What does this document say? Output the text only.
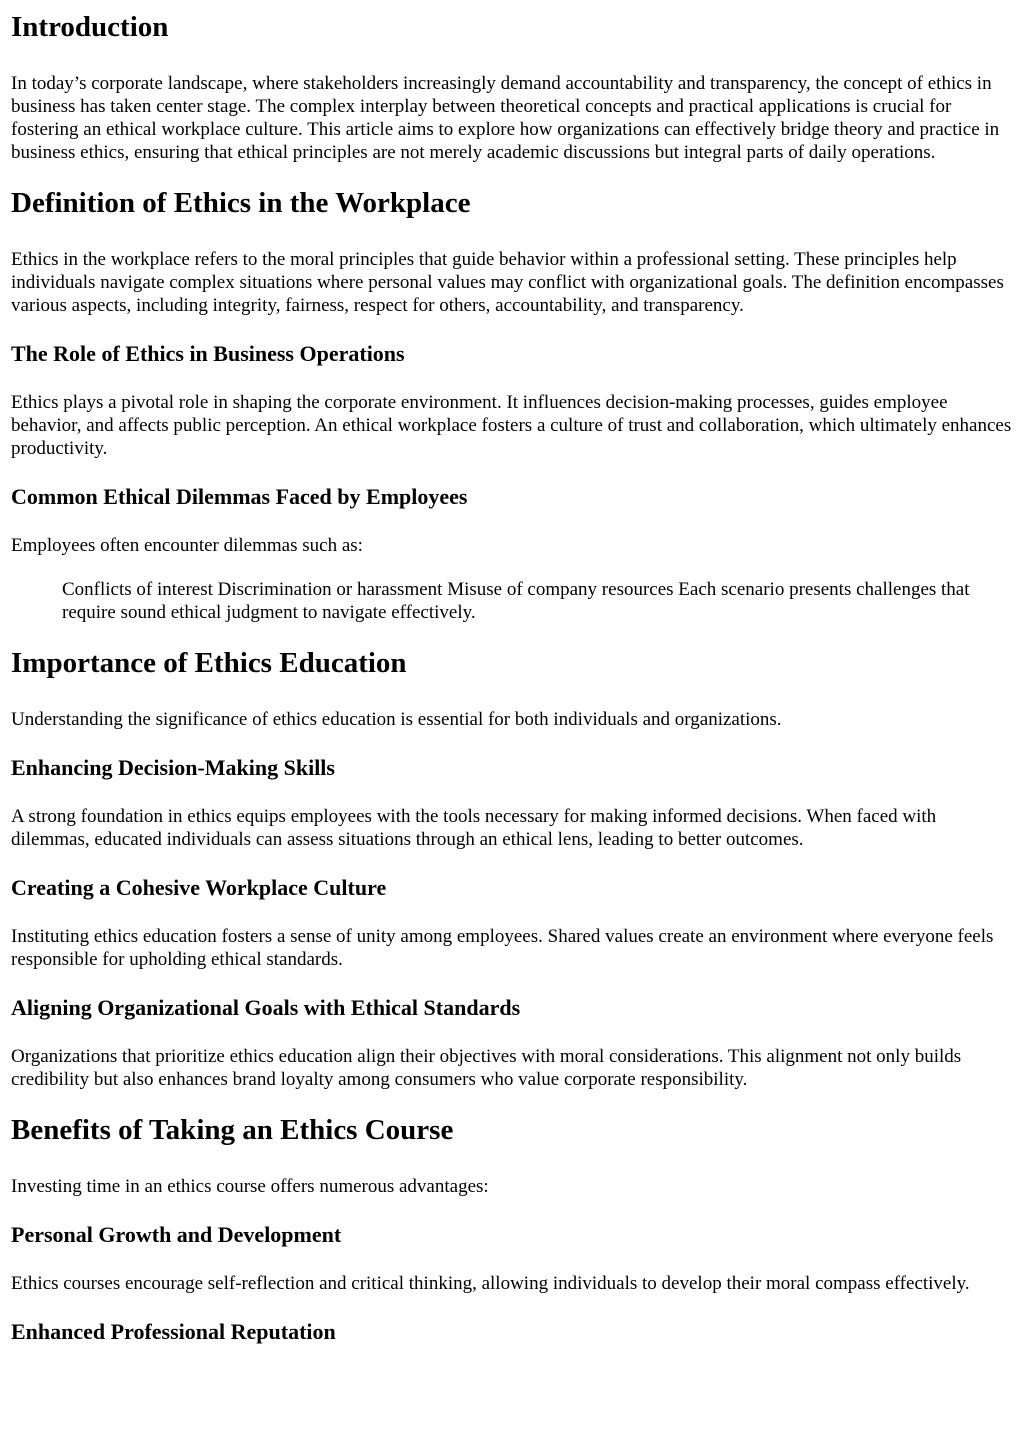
Introduction

In today’s corporate landscape, where stakeholders increasingly demand accountability and transparency, the concept of ethics in business has taken center stage. The complex interplay between theoretical concepts and practical applications is crucial for fostering an ethical workplace culture. This article aims to explore how organizations can effectively bridge theory and practice in business ethics, ensuring that ethical principles are not merely academic discussions but integral parts of daily operations.

Definition of Ethics in the Workplace

Ethics in the workplace refers to the moral principles that guide behavior within a professional setting. These principles help individuals navigate complex situations where personal values may conflict with organizational goals. The definition encompasses various aspects, including integrity, fairness, respect for others, accountability, and transparency.

The Role of Ethics in Business Operations

Ethics plays a pivotal role in shaping the corporate environment. It influences decision-making processes, guides employee behavior, and affects public perception. An ethical workplace fosters a culture of trust and collaboration, which ultimately enhances productivity.

Common Ethical Dilemmas Faced by Employees

Employees often encounter dilemmas such as:

Conflicts of interest Discrimination or harassment Misuse of company resources Each scenario presents challenges that require sound ethical judgment to navigate effectively.
Importance of Ethics Education

Understanding the significance of ethics education is essential for both individuals and organizations.

Enhancing Decision-Making Skills

A strong foundation in ethics equips employees with the tools necessary for making informed decisions. When faced with dilemmas, educated individuals can assess situations through an ethical lens, leading to better outcomes.

Creating a Cohesive Workplace Culture

Instituting ethics education fosters a sense of unity among employees. Shared values create an environment where everyone feels responsible for upholding ethical standards.

Aligning Organizational Goals with Ethical Standards

Organizations that prioritize ethics education align their objectives with moral considerations. This alignment not only builds credibility but also enhances brand loyalty among consumers who value corporate responsibility.

Benefits of Taking an Ethics Course

Investing time in an ethics course offers numerous advantages:

Personal Growth and Development

Ethics courses encourage self-reflection and critical thinking, allowing individuals to develop their moral compass effectively.

Enhanced Professional Reputation
